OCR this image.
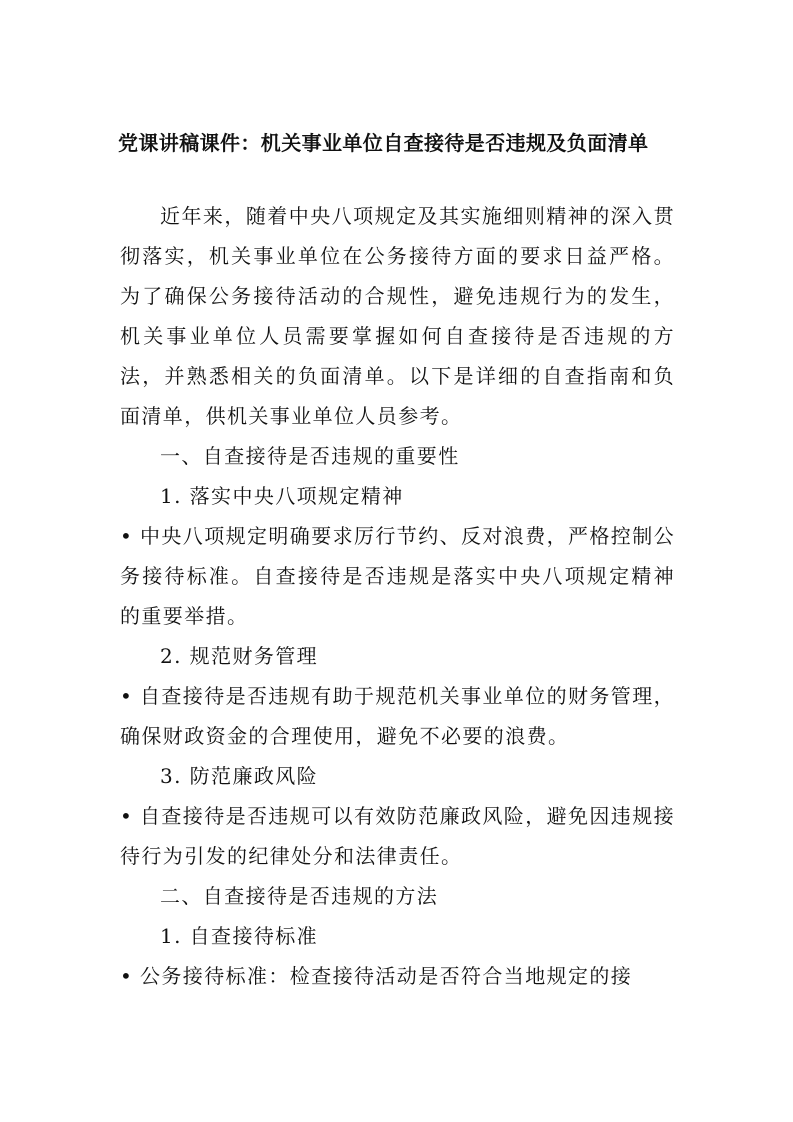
党课讲稿课件：机关事业单位自查接待是否违规及负面清单

近年来，随着中央八项规定及其实施细则精神的深入贯彻落实，机关事业单位在公务接待方面的要求日益严格。为了确保公务接待活动的合规性，避免违规行为的发生，机关事业单位人员需要掌握如何自查接待是否违规的方法，并熟悉相关的负面清单。以下是详细的自查指南和负面清单，供机关事业单位人员参考。

一、自查接待是否违规的重要性

1. 落实中央八项规定精神

• 中央八项规定明确要求厉行节约、反对浪费，严格控制公务接待标准。自查接待是否违规是落实中央八项规定精神的重要举措。

2. 规范财务管理

• 自查接待是否违规有助于规范机关事业单位的财务管理，确保财政资金的合理使用，避免不必要的浪费。

3. 防范廉政风险

• 自查接待是否违规可以有效防范廉政风险，避免因违规接待行为引发的纪律处分和法律责任。

二、自查接待是否违规的方法

1. 自查接待标准

• 公务接待标准：检查接待活动是否符合当地规定的接
